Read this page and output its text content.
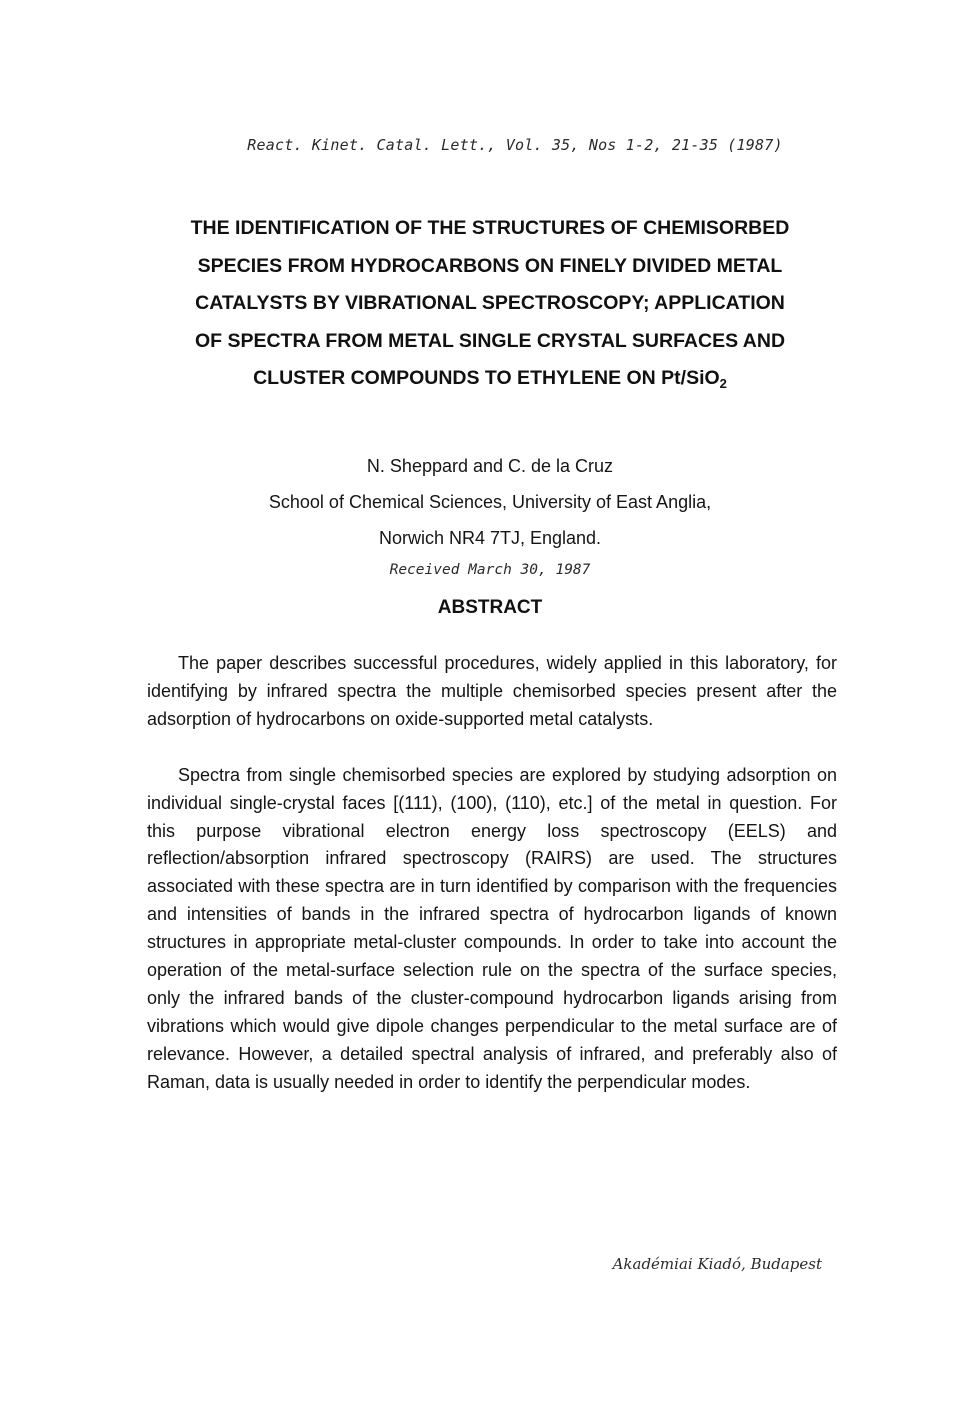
React. Kinet. Catal. Lett., Vol. 35, Nos 1-2, 21-35 (1987)
THE IDENTIFICATION OF THE STRUCTURES OF CHEMISORBED
SPECIES FROM HYDROCARBONS ON FINELY DIVIDED METAL
CATALYSTS BY VIBRATIONAL SPECTROSCOPY; APPLICATION
OF SPECTRA FROM METAL SINGLE CRYSTAL SURFACES AND
CLUSTER COMPOUNDS TO ETHYLENE ON Pt/SiO$_2$
N. Sheppard and C. de la Cruz
School of Chemical Sciences, University of East Anglia,
Norwich NR4 7TJ, England.
Received March 30, 1987
ABSTRACT

The paper describes successful procedures, widely applied in this laboratory, for identifying by infrared spectra the multiple chemisorbed species present after the adsorption of hydrocarbons on oxide-supported metal catalysts.

Spectra from single chemisorbed species are explored by studying adsorption on individual single-crystal faces [(111), (100), (110), etc.] of the metal in question. For this purpose vibrational electron energy loss spectroscopy (EELS) and reflection/absorption infrared spectroscopy (RAIRS) are used. The structures associated with these spectra are in turn identified by comparison with the frequencies and intensities of bands in the infrared spectra of hydrocarbon ligands of known structures in appropriate metal-cluster compounds. In order to take into account the operation of the metal-surface selection rule on the spectra of the surface species, only the infrared bands of the cluster-compound hydrocarbon ligands arising from vibrations which would give dipole changes perpendicular to the metal surface are of relevance. However, a detailed spectral analysis of infrared, and preferably also of Raman, data is usually needed in order to identify the perpendicular modes.

Akadémiai Kiadó, Budapest
